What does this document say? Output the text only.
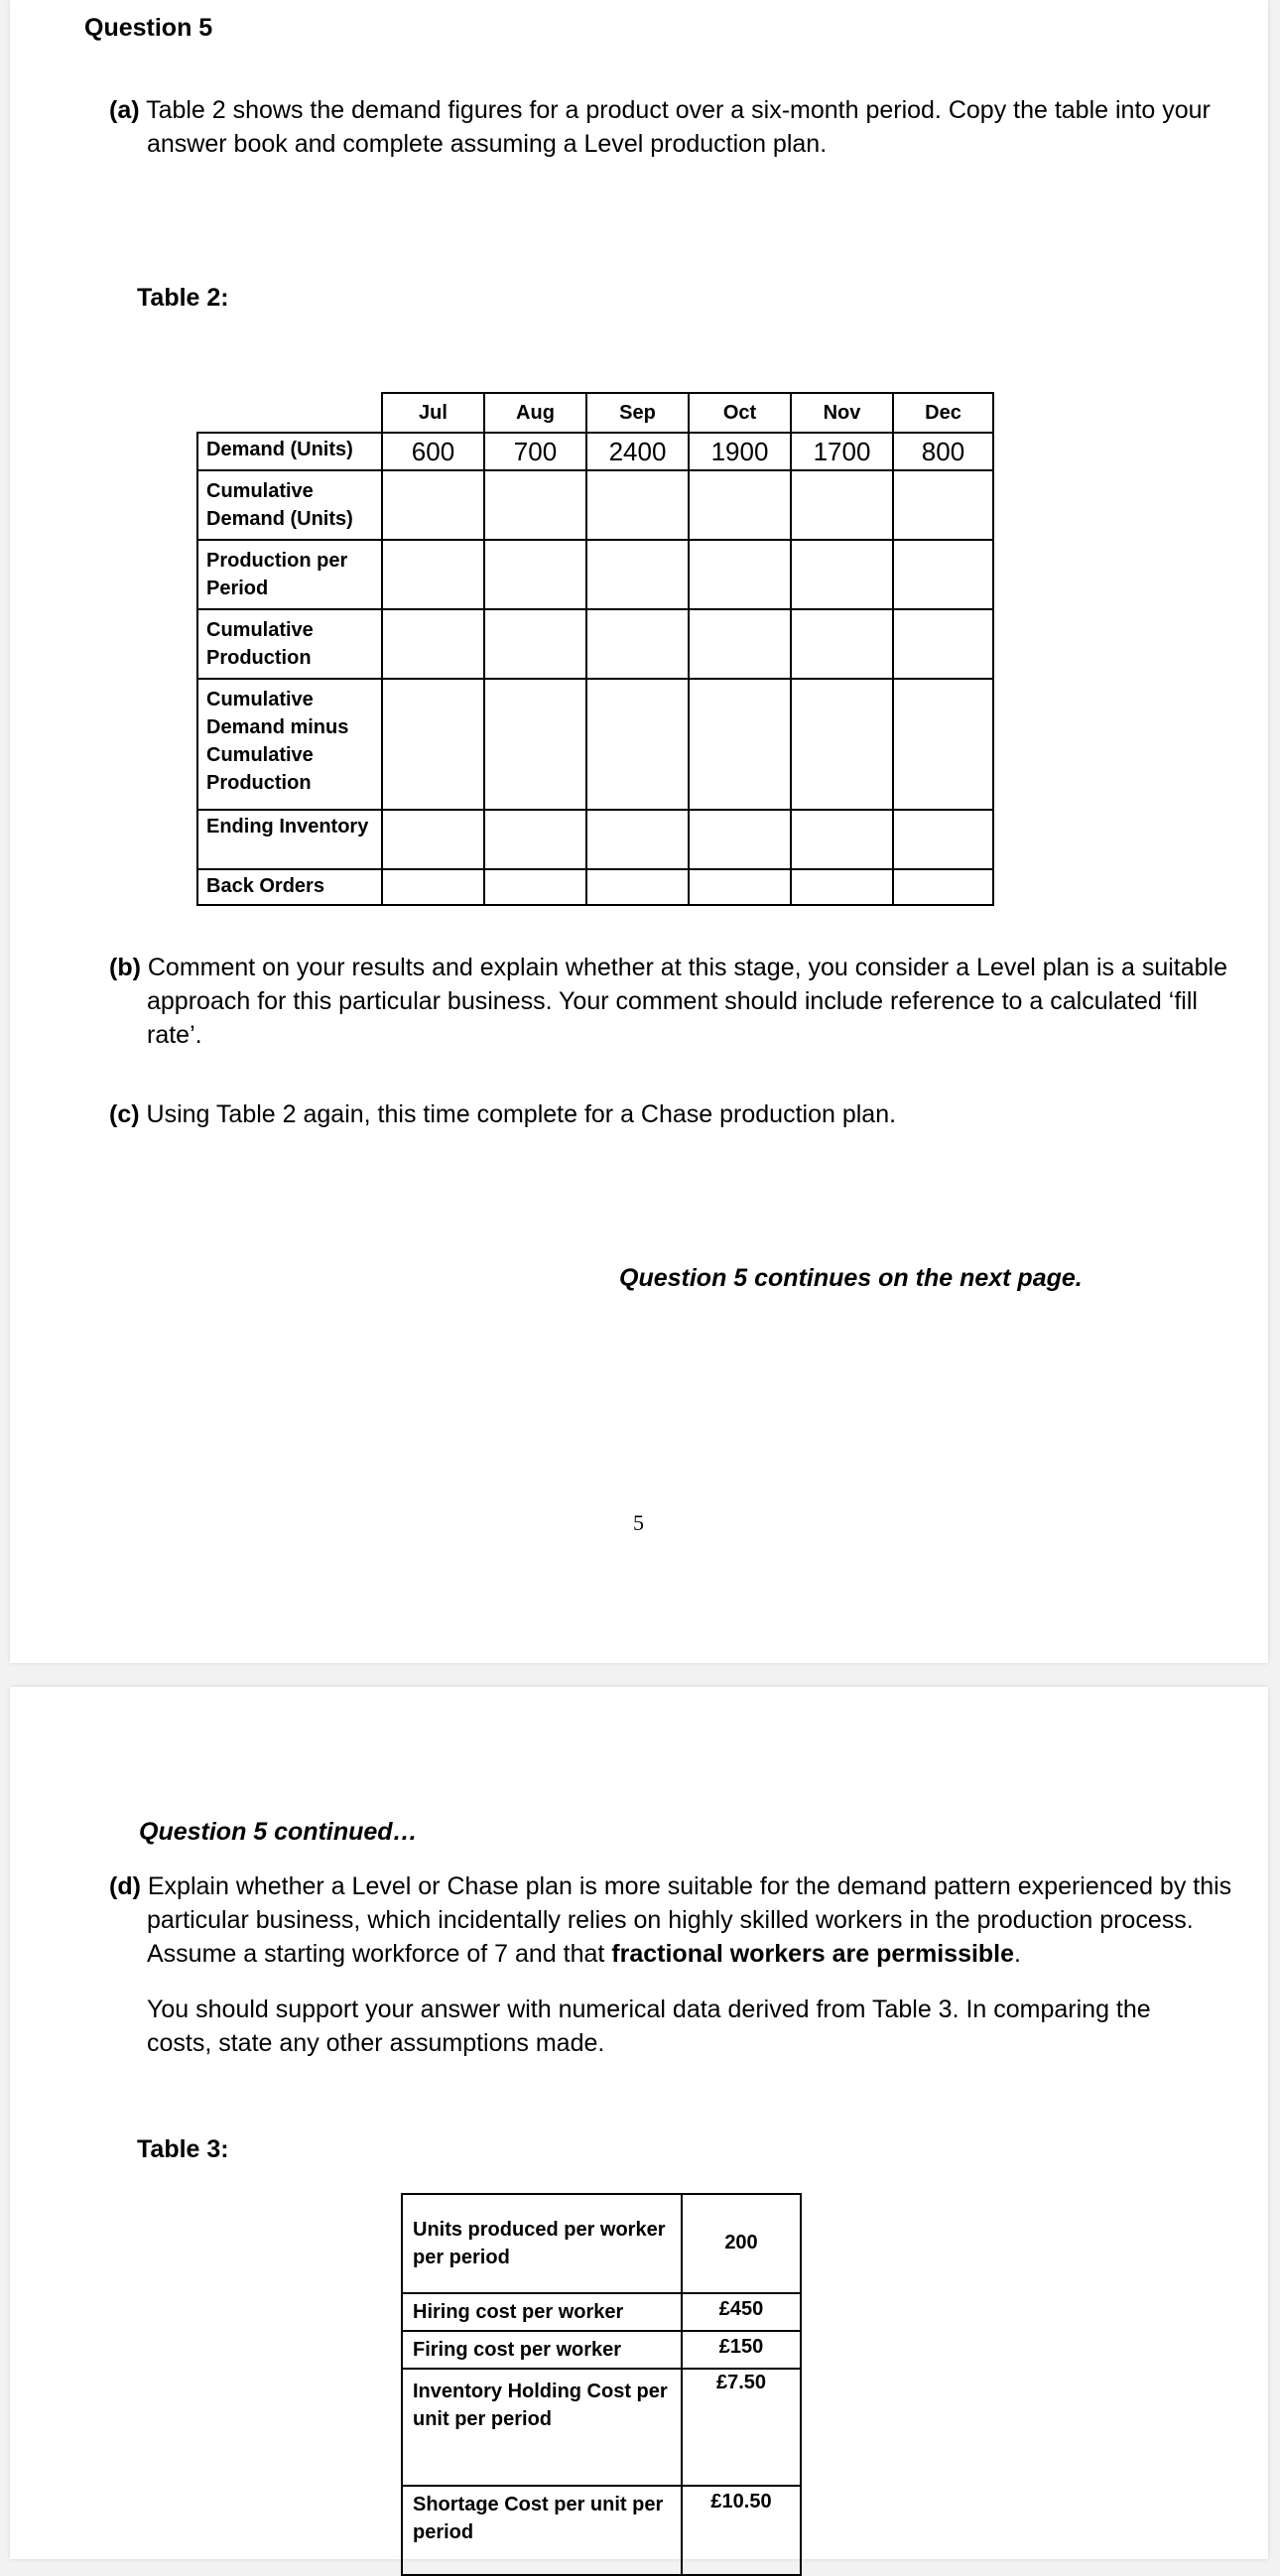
Question 5
(a) Table 2 shows the demand figures for a product over a six-month period. Copy the table into your answer book and complete assuming a Level production plan.
Table 2:
	Jul	Aug	Sep	Oct	Nov	Dec
Demand (Units)	600	700	2400	1900	1700	800
Cumulative Demand (Units)						
Production per Period						
Cumulative Production						
Cumulative Demand minus Cumulative Production						
Ending Inventory						
Back Orders						
(b) Comment on your results and explain whether at this stage, you consider a Level plan is a suitable approach for this particular business. Your comment should include reference to a calculated ‘fill rate’.
(c) Using Table 2 again, this time complete for a Chase production plan.
Question 5 continues on the next page.
5
Question 5 continued…
(d) Explain whether a Level or Chase plan is more suitable for the demand pattern experienced by this particular business, which incidentally relies on highly skilled workers in the production process. Assume a starting workforce of 7 and that fractional workers are permissible.
You should support your answer with numerical data derived from Table 3. In comparing the costs, state any other assumptions made.
Table 3:
Units produced per worker per period	200
Hiring cost per worker	£450
Firing cost per worker	£150
Inventory Holding Cost per unit per period	£7.50
Shortage Cost per unit per period	£10.50
